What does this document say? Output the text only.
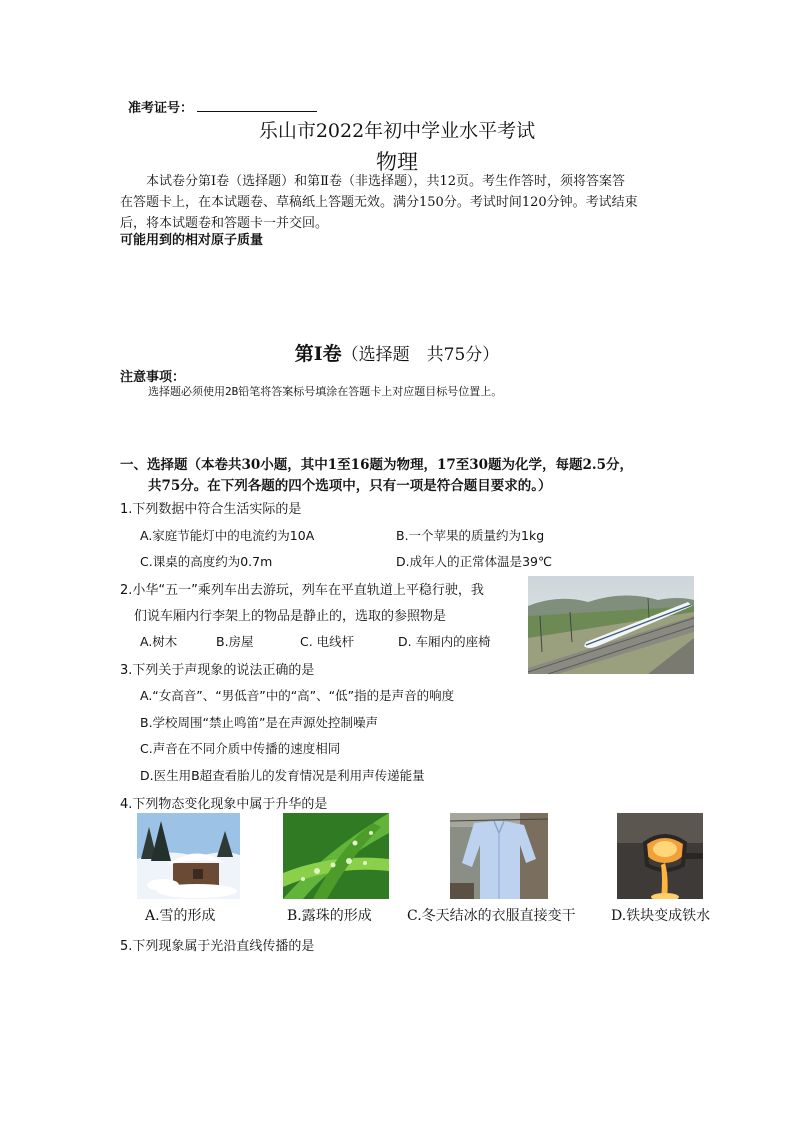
准考证号：
乐山市2022年初中学业水平考试
物理

本试卷分第Ⅰ卷（选择题）和第Ⅱ卷（非选择题），共12页。考生作答时，须将答案答

在答题卡上，在本试题卷、草稿纸上答题无效。满分150分。考试时间120分钟。考试结束

后，将本试题卷和答题卡一并交回。

可能用到的相对原子质量
第Ⅰ卷（选择题　共75分）
注意事项：
选择题必须使用2B铅笔将答案标号填涂在答题卡上对应题目标号位置上。
一、选择题（本卷共30小题，其中1至16题为物理，17至30题为化学，每题2.5分，
共75分。在下列各题的四个选项中，只有一项是符合题目要求的。）
1.下列数据中符合生活实际的是
A.家庭节能灯中的电流约为10A	B.一个苹果的质量约为1kg
C.课桌的高度约为0.7m	D.成年人的正常体温是39℃
2.小华“五一”乘列车出去游玩，列车在平直轨道上平稳行驶，我
们说车厢内行李架上的物品是静止的，选取的参照物是
A.树木	B.房屋	C. 电线杆	D. 车厢内的座椅
3.下列关于声现象的说法正确的是
A.“女高音”、“男低音”中的“高”、“低”指的是声音的响度
B.学校周围“禁止鸣笛”是在声源处控制噪声
C.声音在不同介质中传播的速度相同
D.医生用B超查看胎儿的发育情况是利用声传递能量
4.下列物态变化现象中属于升华的是
A.雪的形成	B.露珠的形成	C.冬天结冰的衣服直接变干	D.铁块变成铁水
5.下列现象属于光沿直线传播的是
